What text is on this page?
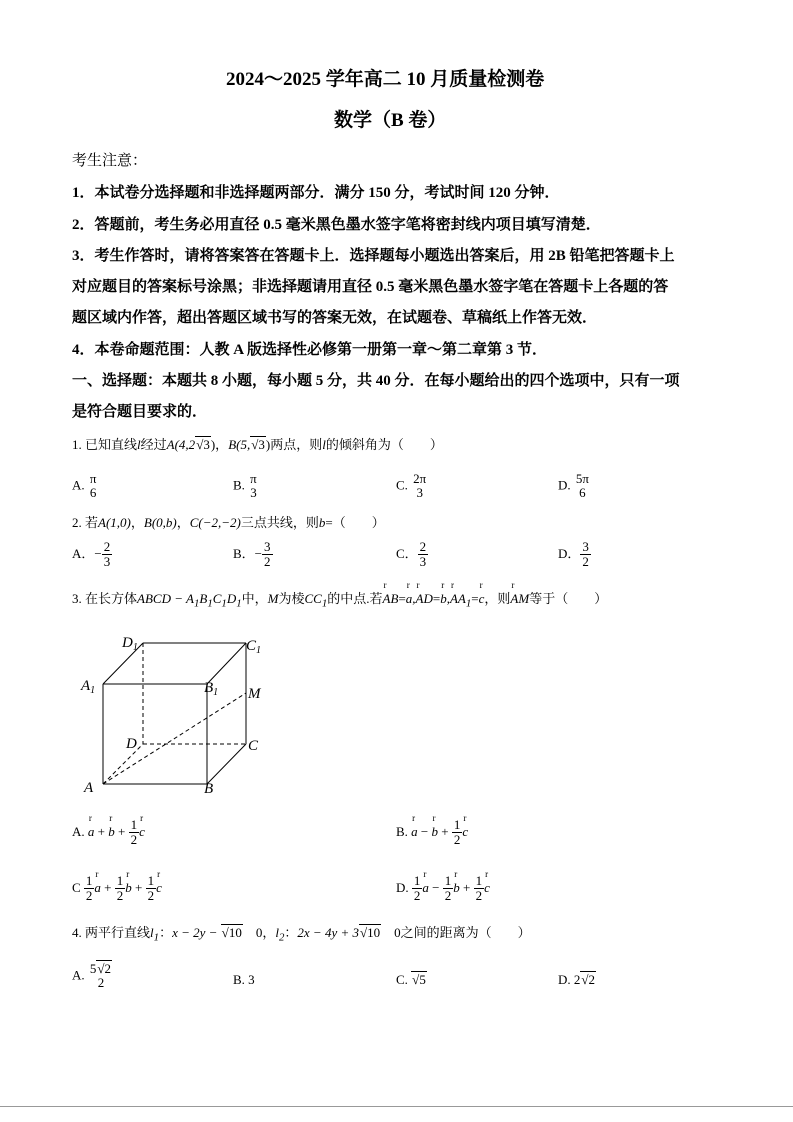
2024～2025 学年高二 10 月质量检测卷
数学（B 卷）
考生注意：
1．本试卷分选择题和非选择题两部分．满分 150 分，考试时间 120 分钟．
2．答题前，考生务必用直径 0.5 毫米黑色墨水签字笔将密封线内项目填写清楚．
3．考生作答时，请将答案答在答题卡上．选择题每小题选出答案后，用 2B 铅笔把答题卡上
对应题目的答案标号涂黑；非选择题请用直径 0.5 毫米黑色墨水签字笔在答题卡上各题的答
题区域内作答，超出答题区域书写的答案无效，在试题卷、草稿纸上作答无效．
4．本卷命题范围：人教 A 版选择性必修第一册第一章～第二章第 3 节．
一、选择题：本题共 8 小题，每小题 5 分，共 40 分．在每小题给出的四个选项中，只有一项
是符合题目要求的．
1. 已知直线l经过A(4,2√3)，B(5,√3)两点，则l的倾斜角为（　　）
A. π
6
B. π
3
C. 2π
3
D. 5π
6
2. 若A(1,0)，B(0,b)，C(−2,−2)三点共线，则b=（　　）
A．− $\frac{2}{3}$	B．− $\frac{3}{2}$	C． $\frac{2}{3}$	D． $\frac{3}{2}$
3. 在长方体ABCD − $A_1B_1C_1D_1$中，M为棱$CC_1$的中点.若r AB=r a,r AD=r b,r $AA_1=r$ c，则r AM等于（　　）
$D_1$	$C_1$
$A_1$	$B_1$ M
D	C
A	B
A. r a + r $b + \frac{1}{2}$ r c	B. r a − r $b + \frac{1}{2}$ r c
C $\frac{1}{2}$ r $a + \frac{1}{2}$ r $b + \frac{1}{2}$ r c	D. $\frac{1}{2}$ r $a - \frac{1}{2}$ r $b + \frac{1}{2}$ r c
4. 两平行直线$l_1$：x − 2y − √10　0，$l_2$：2x − 4y + 3√10　0之间的距离为（　　）
A. 5√2
2	B. 3	C. √5	D. 2√2
